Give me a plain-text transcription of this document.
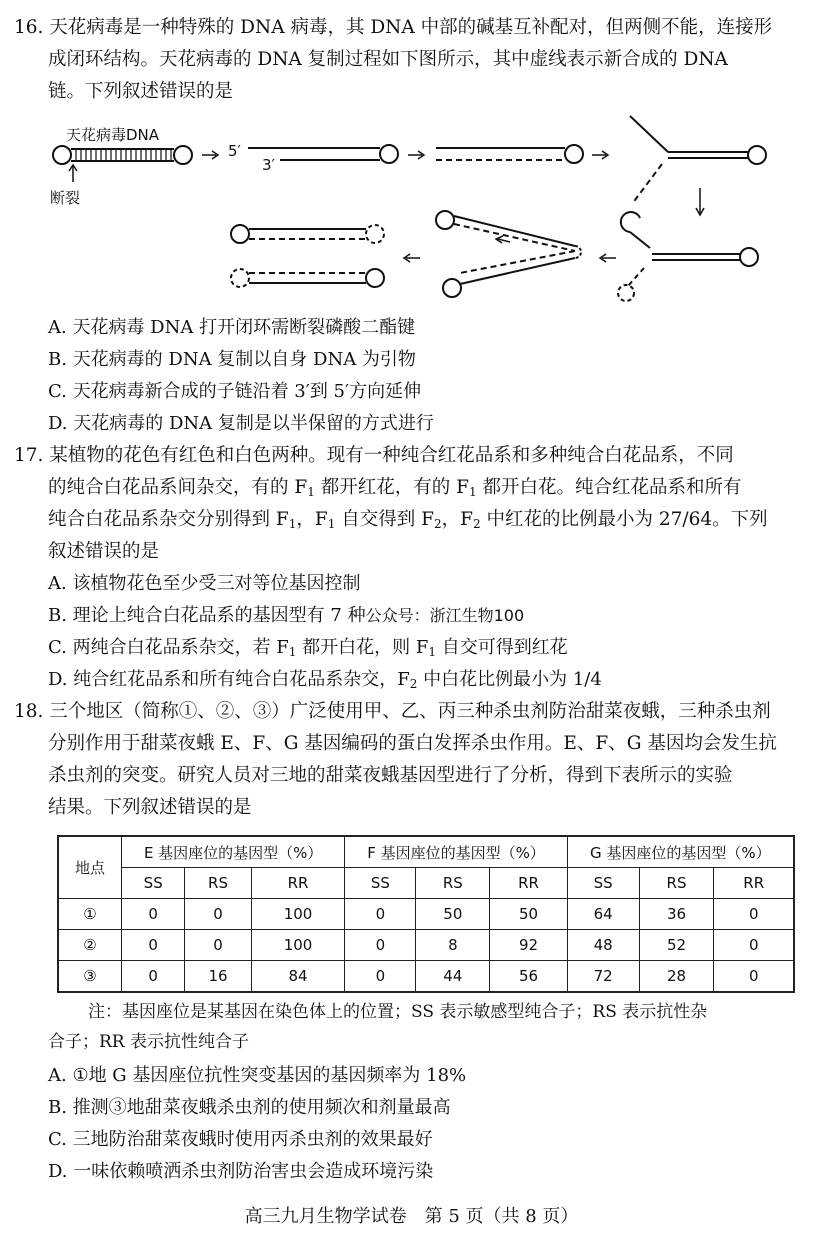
16. 天花病毒是一种特殊的 DNA 病毒，其 DNA 中部的碱基互补配对，但两侧不能，连接形
成闭环结构。天花病毒的 DNA 复制过程如下图所示，其中虚线表示新合成的 DNA
链。下列叙述错误的是
天花病毒DNA
断裂
5′
3′
A. 天花病毒 DNA 打开闭环需断裂磷酸二酯键
B. 天花病毒的 DNA 复制以自身 DNA 为引物
C. 天花病毒新合成的子链沿着 3′到 5′方向延伸
D. 天花病毒的 DNA 复制是以半保留的方式进行
17. 某植物的花色有红色和白色两种。现有一种纯合红花品系和多种纯合白花品系，不同
的纯合白花品系间杂交，有的 $F_1$ 都开红花，有的 $F_1$ 都开白花。纯合红花品系和所有
纯合白花品系杂交分别得到 $F_1$，$F_1$ 自交得到 $F_2$，$F_2$ 中红花的比例最小为 27/64。下列
叙述错误的是
A. 该植物花色至少受三对等位基因控制
B. 理论上纯合白花品系的基因型有 7 种公众号：浙江生物100
C. 两纯合白花品系杂交，若 $F_1$ 都开白花，则 $F_1$ 自交可得到红花
D. 纯合红花品系和所有纯合白花品系杂交，$F_2$ 中白花比例最小为 1/4
18. 三个地区（简称①、②、③）广泛使用甲、乙、丙三种杀虫剂防治甜菜夜蛾，三种杀虫剂
分别作用于甜菜夜蛾 E、F、G 基因编码的蛋白发挥杀虫作用。E、F、G 基因均会发生抗
杀虫剂的突变。研究人员对三地的甜菜夜蛾基因型进行了分析，得到下表所示的实验
结果。下列叙述错误的是
地点	E 基因座位的基因型（%）			F 基因座位的基因型（%）			G 基因座位的基因型（%）		
	SS	RS	RR	SS	RS	RR	SS	RS	RR
①	0	0	100	0	50	50	64	36	0
②	0	0	100	0	8	92	48	52	0
③	0	16	84	0	44	56	72	28	0
注：基因座位是某基因在染色体上的位置；SS 表示敏感型纯合子；RS 表示抗性杂
合子；RR 表示抗性纯合子
A. ①地 G 基因座位抗性突变基因的基因频率为 18%
B. 推测③地甜菜夜蛾杀虫剂的使用频次和剂量最高
C. 三地防治甜菜夜蛾时使用丙杀虫剂的效果最好
D. 一味依赖喷洒杀虫剂防治害虫会造成环境污染
高三九月生物学试卷　第 5 页（共 8 页）
